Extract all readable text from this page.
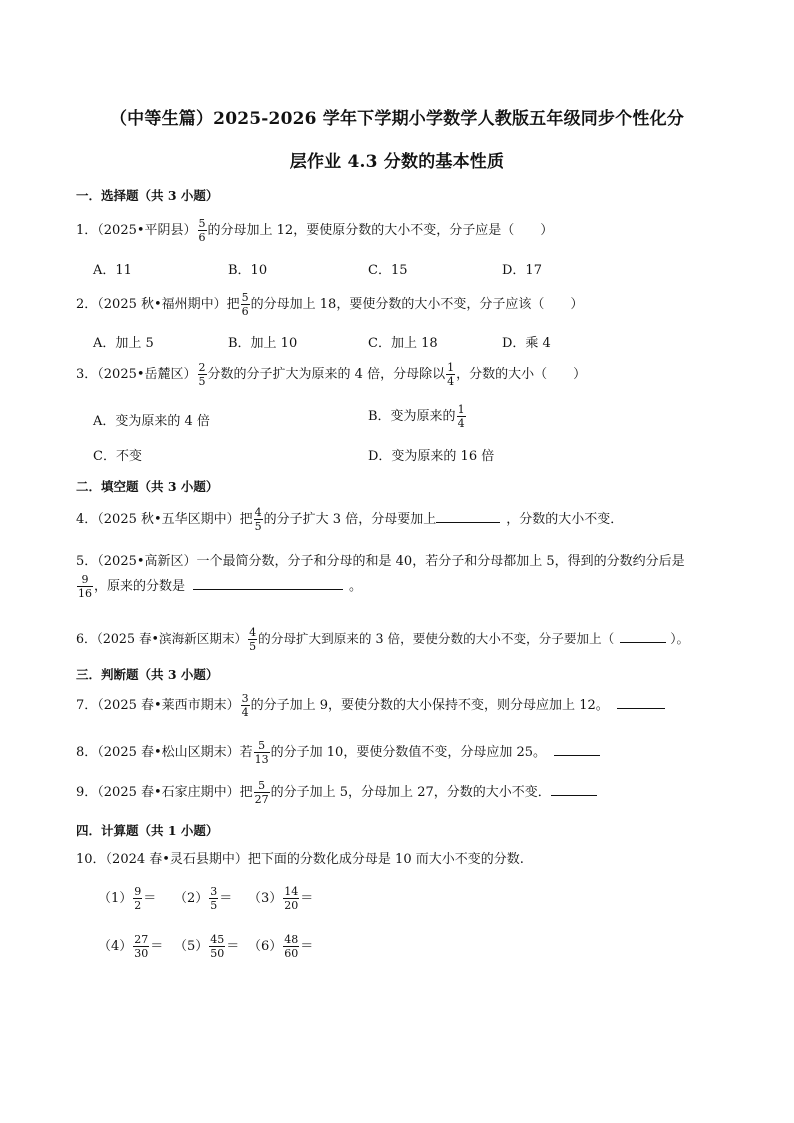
（中等生篇）2025-2026 学年下学期小学数学人教版五年级同步个性化分
层作业 4.3 分数的基本性质
一．选择题（共 3 小题）
1．（2025•平阴县） $\frac{5}{6}$ 的分母加上 12，要使原分数的大小不变，分子应是（　　）
A．11	B．10	C．15	D．17
2．（2025 秋•福州期中）把 $\frac{5}{6}$ 的分母加上 18，要使分数的大小不变，分子应该（　　）
A．加上 5	B．加上 10	C．加上 18	D．乘 4
3．（2025•岳麓区） $\frac{2}{5}$ 分数的分子扩大为原来的 4 倍，分母除以 $\frac{1}{4}$ ，分数的大小（　　）
A．变为原来的 4 倍	B．变为原来的 $\frac{1}{4}$
C．不变	D．变为原来的 16 倍
二．填空题（共 3 小题）
4．（2025 秋•五华区期中）把 $\frac{4}{5}$ 的分子扩大 3 倍，分母要加上	，分数的大小不变．
5．（2025•高新区）一个最简分数，分子和分母的和是 40，若分子和分母都加上 5，得到的分数约分后是
$\frac{9}{16}$ ，原来的分数是	。
6．（2025 春•滨海新区期末） $\frac{4}{5}$ 的分母扩大到原来的 3 倍，要使分数的大小不变，分子要加上（	）。
三．判断题（共 3 小题）
7．（2025 春•莱西市期末） $\frac{3}{4}$ 的分子加上 9，要使分数的大小保持不变，则分母应加上 12。
8．（2025 春•松山区期末）若 $\frac{5}{13}$ 的分子加 10，要使分数值不变，分母应加 25。
9．（2025 春•石家庄期中）把 $\frac{5}{27}$ 的分子加上 5，分母加上 27，分数的大小不变．
四．计算题（共 1 小题）
10．（2024 春•灵石县期中）把下面的分数化成分母是 10 而大小不变的分数.
$(1) \frac{9}{2} = (2) \frac{3}{5} = (3) \frac{14}{20}$ ＝
$(4) \frac{27}{30} = (5) \frac{45}{50} = (6) \frac{48}{60}$ ＝
